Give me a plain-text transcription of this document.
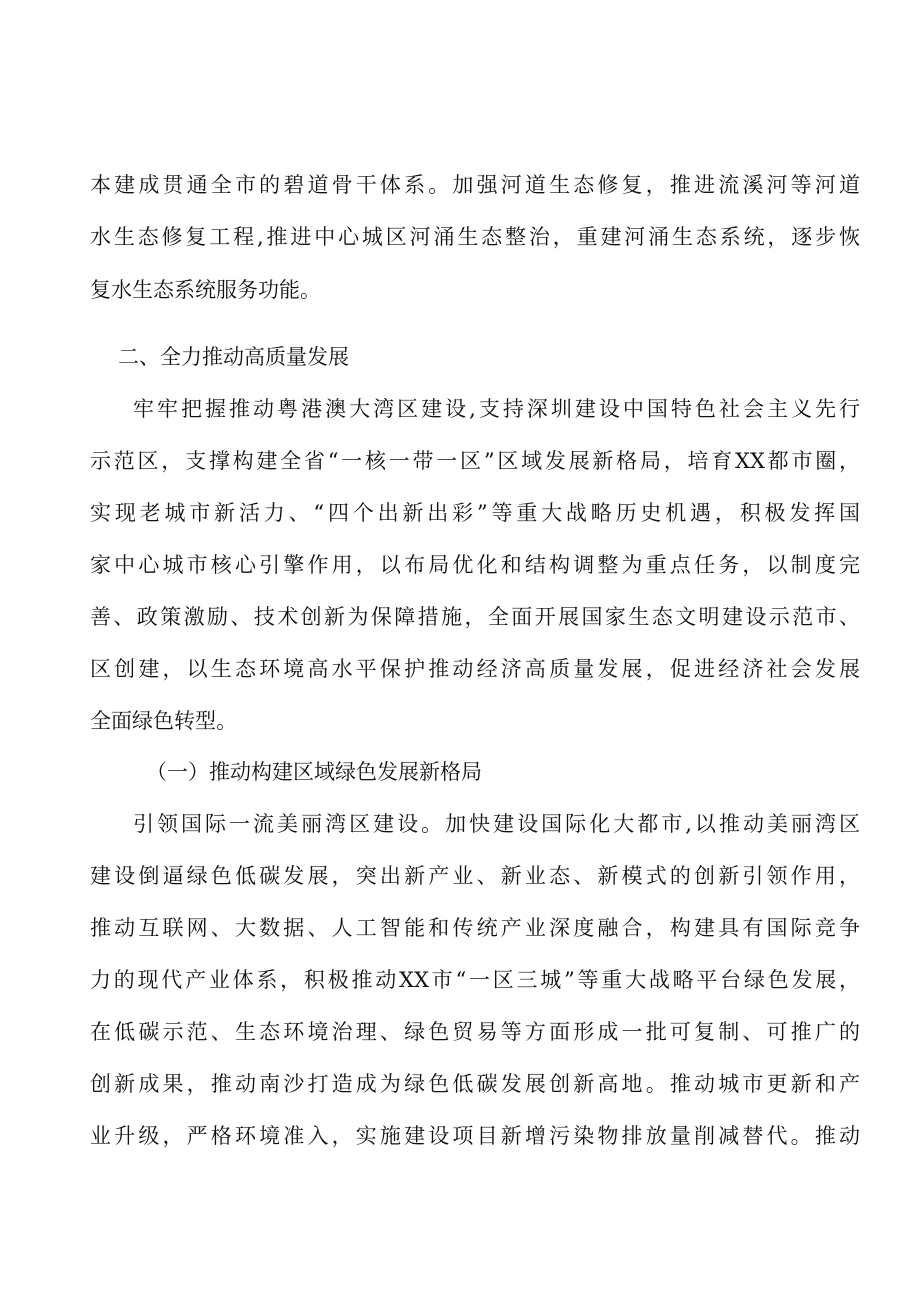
本建成贯通全市的碧道骨干体系。加强河道生态修复，推进流溪河等河道
水生态修复工程,推进中心城区河涌生态整治，重建河涌生态系统，逐步恢
复水生态系统服务功能。
二、全力推动高质量发展
牢牢把握推动粤港澳大湾区建设,支持深圳建设中国特色社会主义先行
示范区，支撑构建全省“一核一带一区”区域发展新格局，培育XX都市圈，
实现老城市新活力、“四个出新出彩”等重大战略历史机遇，积极发挥国
家中心城市核心引擎作用，以布局优化和结构调整为重点任务，以制度完
善、政策激励、技术创新为保障措施，全面开展国家生态文明建设示范市、
区创建，以生态环境高水平保护推动经济高质量发展，促进经济社会发展
全面绿色转型。
（一）推动构建区域绿色发展新格局
引领国际一流美丽湾区建设。加快建设国际化大都市,以推动美丽湾区
建设倒逼绿色低碳发展，突出新产业、新业态、新模式的创新引领作用，
推动互联网、大数据、人工智能和传统产业深度融合，构建具有国际竞争
力的现代产业体系，积极推动XX市“一区三城”等重大战略平台绿色发展，
在低碳示范、生态环境治理、绿色贸易等方面形成一批可复制、可推广的
创新成果，推动南沙打造成为绿色低碳发展创新高地。推动城市更新和产
业升级，严格环境准入，实施建设项目新增污染物排放量削减替代。推动
